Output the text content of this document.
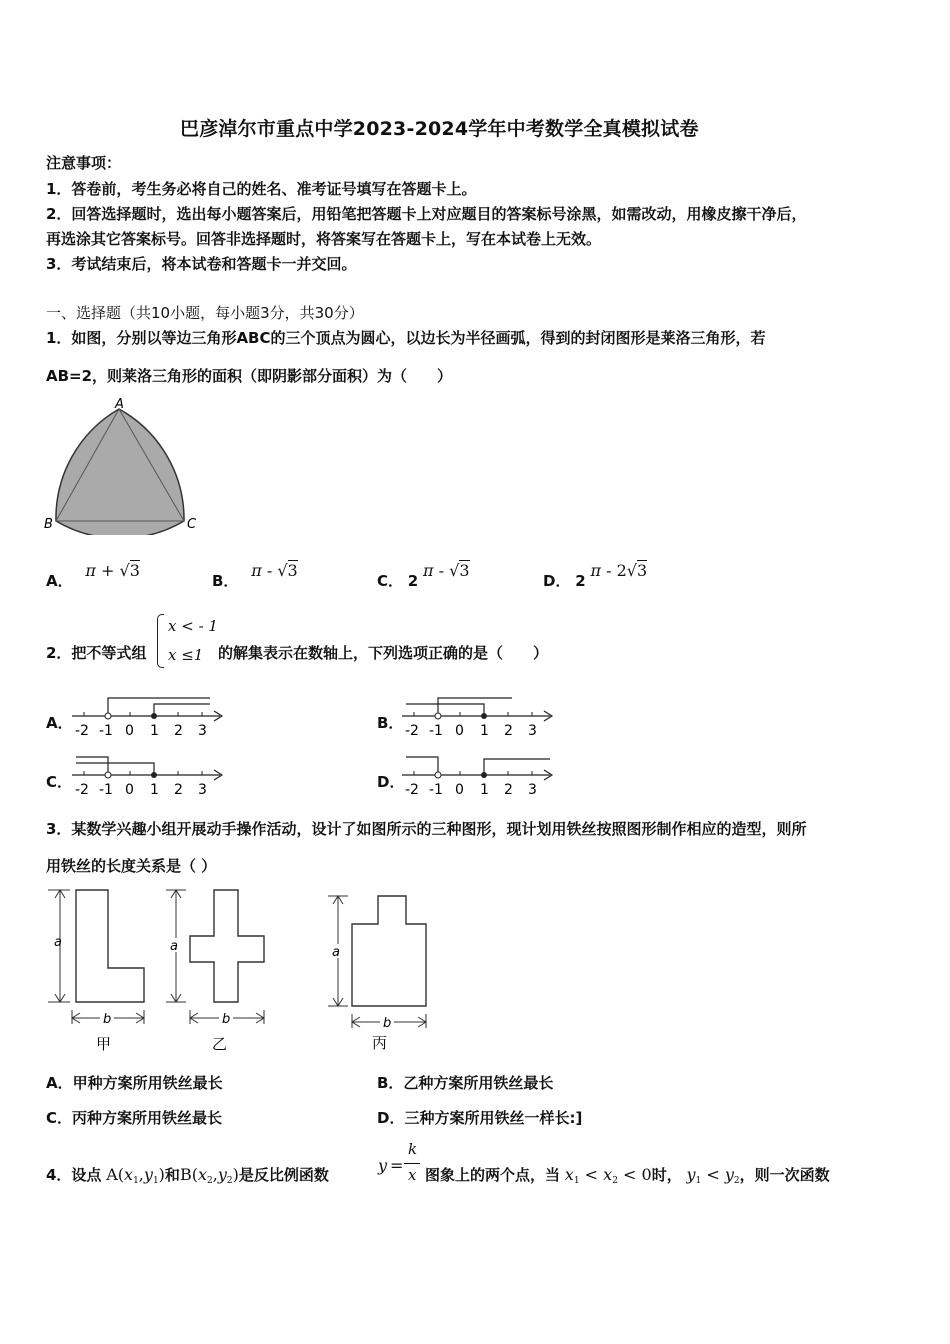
巴彦淖尔市重点中学2023-2024学年中考数学全真模拟试卷
注意事项：
1．答卷前，考生务必将自己的姓名、准考证号填写在答题卡上。
2．回答选择题时，选出每小题答案后，用铅笔把答题卡上对应题目的答案标号涂黑，如需改动，用橡皮擦干净后，
再选涂其它答案标号。回答非选择题时，将答案写在答题卡上，写在本试卷上无效。
3．考试结束后，将本试卷和答题卡一并交回。
一、选择题（共10小题，每小题3分，共30分）
1．如图，分别以等边三角形ABC的三个顶点为圆心，以边长为半径画弧，得到的封闭图形是莱洛三角形，若
AB=2，则莱洛三角形的面积（即阴影部分面积）为（　　）
A
B	C
A． π + √3
B． π - √3
C． 2 π - √3
D． 2 π - 2√3
2．把不等式组
x < - 1
x ≤1 的解集表示在数轴上，下列选项正确的是（　　）
A．	B．
C．	D．
-2 -1 0 1 2 3	-2 -1 0 1 2 3
-2 -1 0 1 2 3	-2 -1 0 1 2 3
3．某数学兴趣小组开展动手操作活动，设计了如图所示的三种图形，现计划用铁丝按照图形制作相应的造型，则所
用铁丝的长度关系是（ ）
a
b
甲
a
b
乙
a
b
丙
A．甲种方案所用铁丝最长	B．乙种方案所用铁丝最长
C．丙种方案所用铁丝最长	D．三种方案所用铁丝一样长:]
4．设点 $A(x_1,y_1)$和$B(x_2,y_2)$是反比例函数	y =
k
x 图象上的两个点，当 $x_1 < x_2 < 0$时， $y_1 < y_2$，则一次函数
